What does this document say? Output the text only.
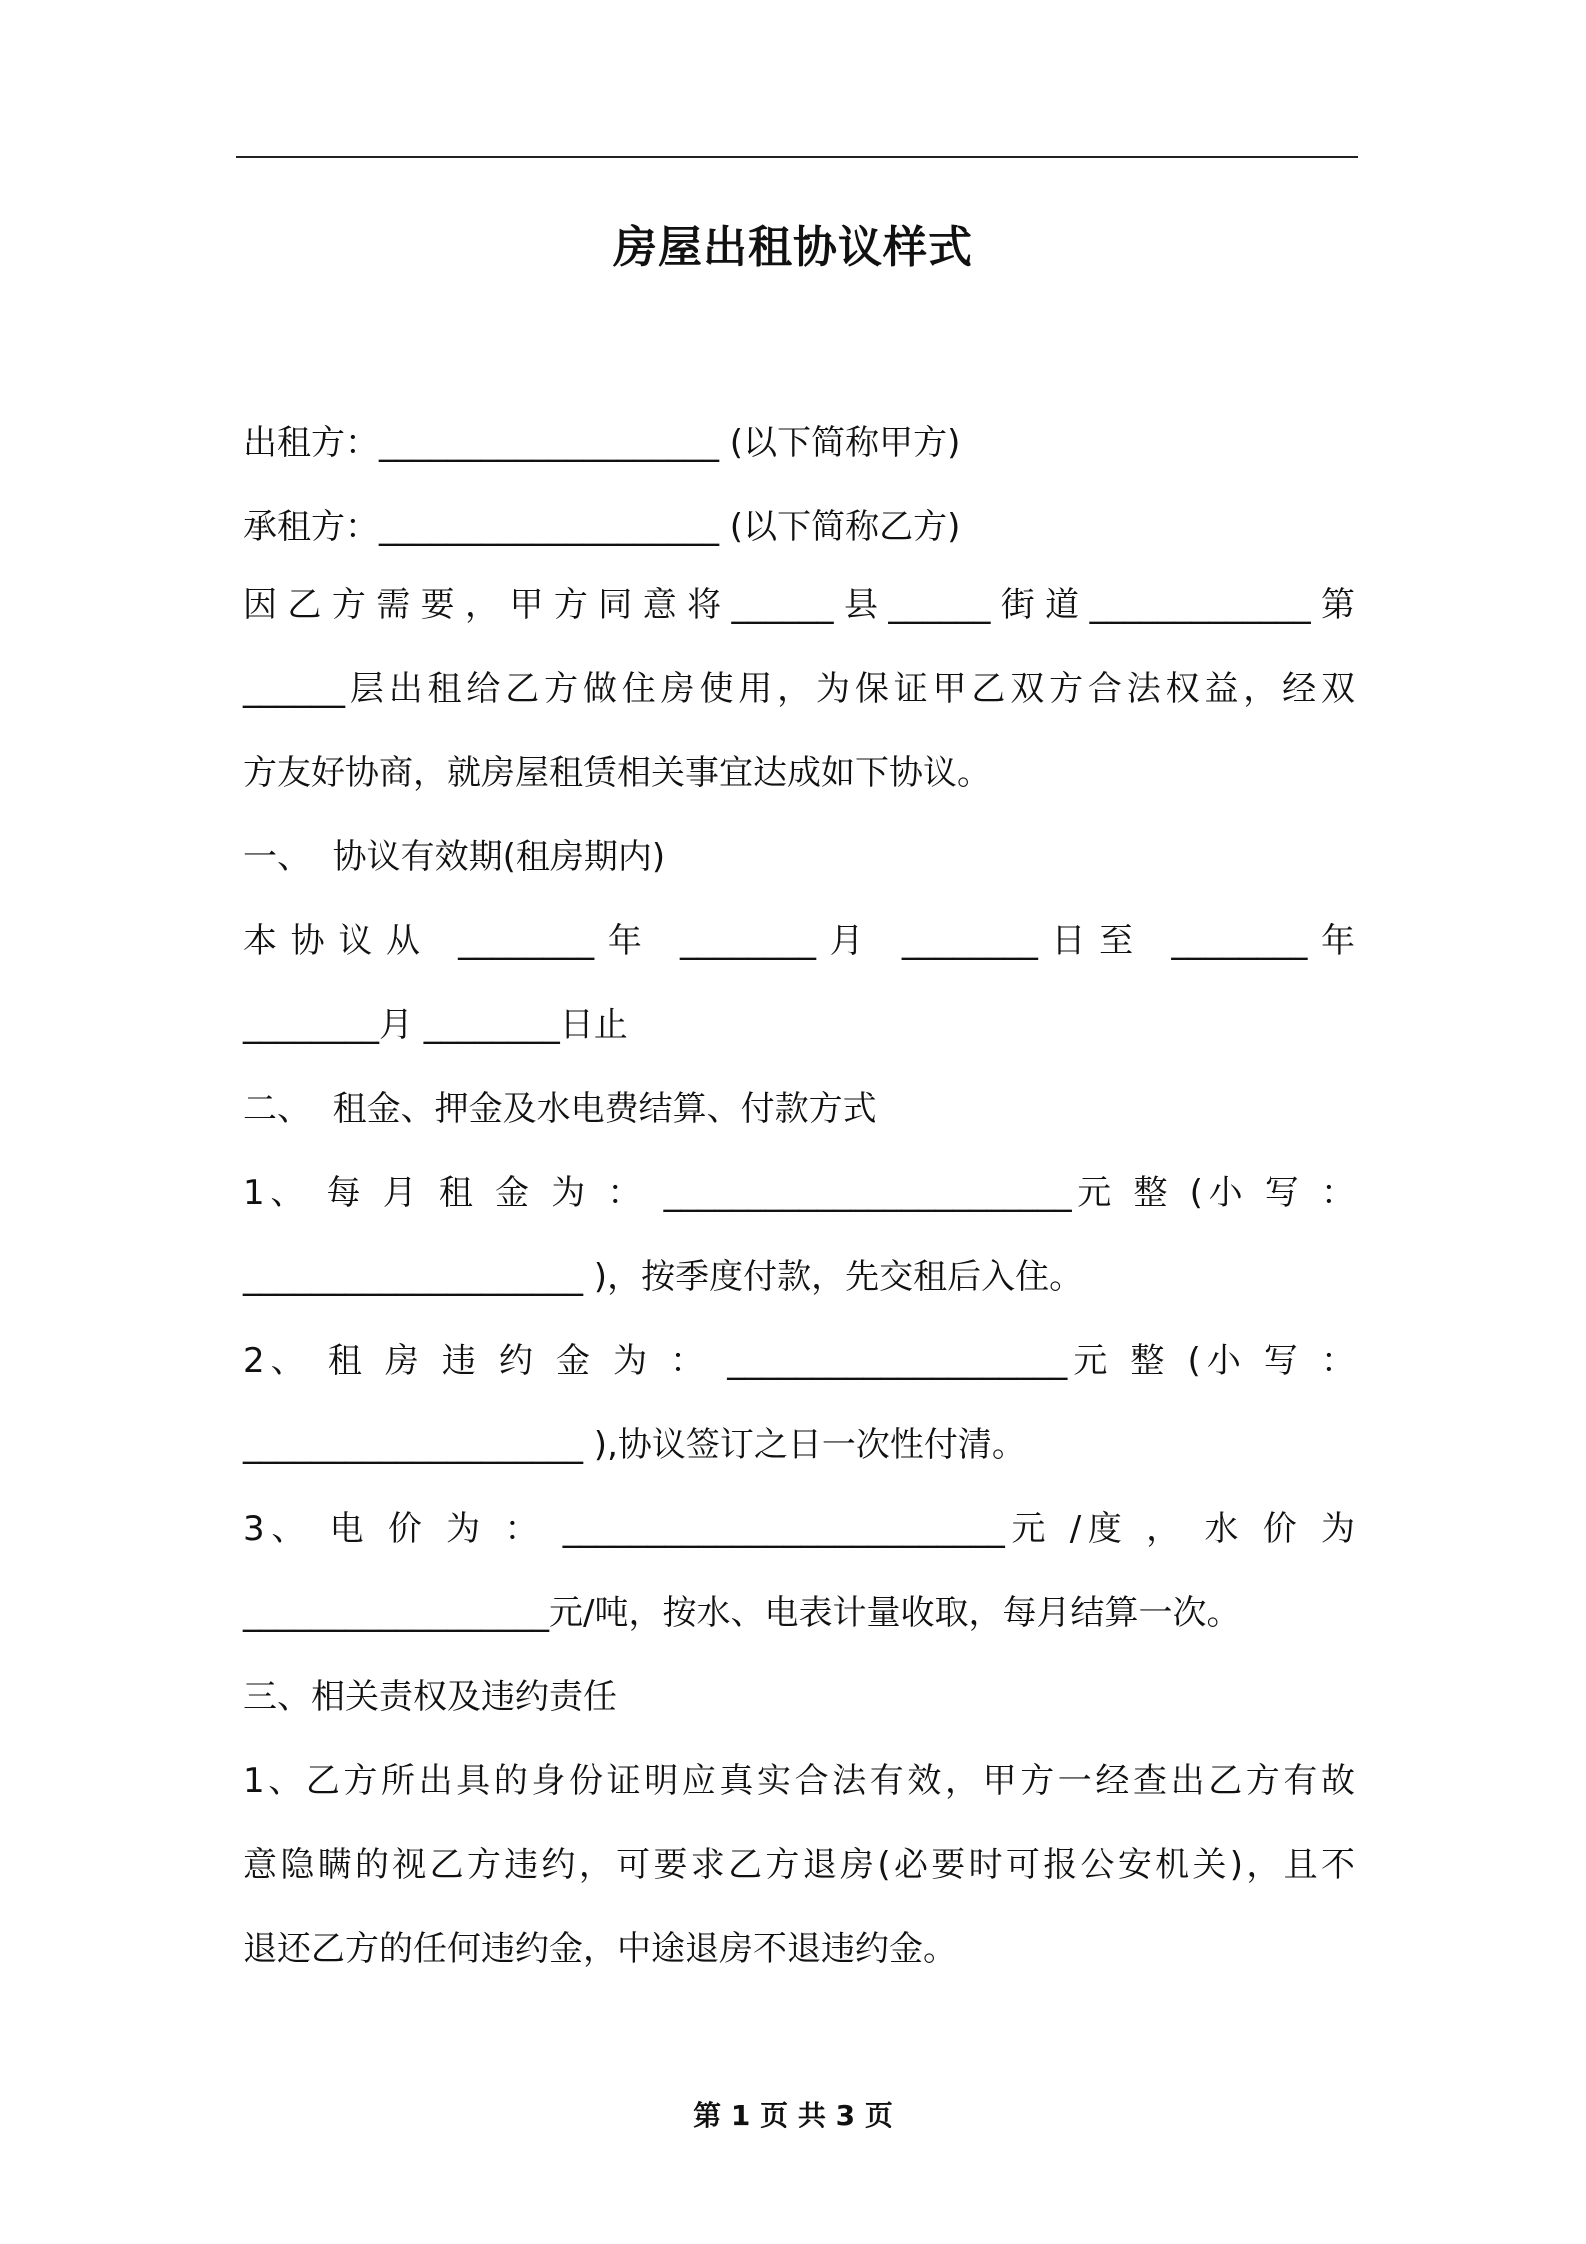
房屋出租协议样式
出租方：____________________ (以下简称甲方)
承租方：____________________ (以下简称乙方)
因乙方需要，甲方同意将______县______街道_____________第
______层出租给乙方做住房使用，为保证甲乙双方合法权益，经双
方友好协商，就房屋租赁相关事宜达成如下协议。
一、  协议有效期(租房期内)
本协议从 ________年 ________月 ________日至 ________年
________月 ________日止
二、  租金、押金及水电费结算、付款方式
1、 每 月 租 金 为 ： ________________________元 整 (小 写 ：
____________________ )，按季度付款，先交租后入住。
2、 租 房 违 约 金 为 ： ____________________元 整 (小 写 ：
____________________ ),协议签订之日一次性付清。
3、 电 价 为 ： __________________________元 /度 ， 水 价 为
__________________元/吨，按水、电表计量收取，每月结算一次。
三、相关责权及违约责任
1、乙方所出具的身份证明应真实合法有效，甲方一经查出乙方有故
意隐瞒的视乙方违约，可要求乙方退房(必要时可报公安机关)，且不
退还乙方的任何违约金，中途退房不退违约金。
第 1 页 共 3 页
